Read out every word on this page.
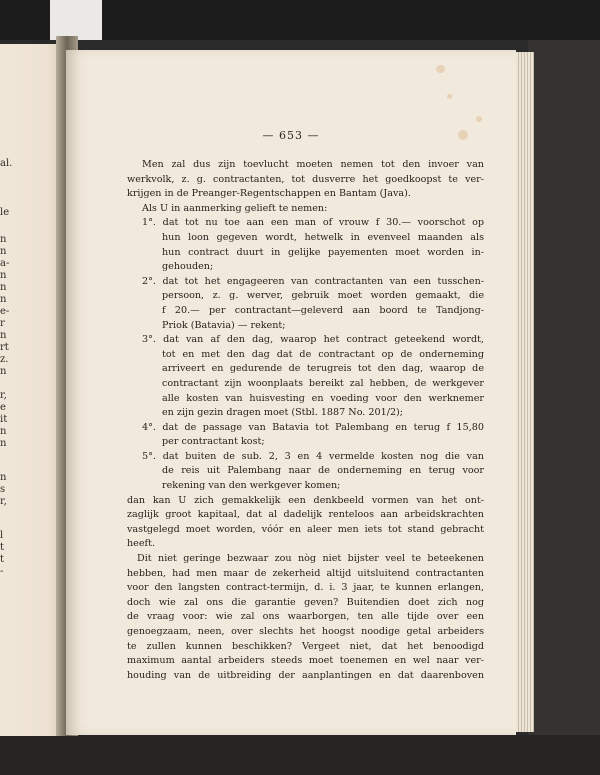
al.
le
n
n
a-
n
n
n
e-
r
n
rt
z.
n
r,
e
it
n
n
n
s
r,
l
t
t
-
— 653 —
Men zal dus zijn toevlucht moeten nemen tot den invoer van
werkvolk, z. g. contractanten, tot dusverre het goedkoopst te ver-
krijgen in de Preanger-Regentschappen en Bantam (Java).
Als U in aanmerking gelieft te nemen:
1°. dat tot nu toe aan een man of vrouw f 30.— voorschot op
hun loon gegeven wordt, hetwelk in evenveel maanden als
hun contract duurt in gelijke payementen moet worden in-
gehouden;
2°. dat tot het engageeren van contractanten van een tusschen-
persoon, z. g. werver, gebruik moet worden gemaakt, die
f 20.— per contractant—geleverd aan boord te Tandjong-
Priok (Batavia) — rekent;
3°. dat van af den dag, waarop het contract geteekend wordt,
tot en met den dag dat de contractant op de onderneming
arriveert en gedurende de terugreis tot den dag, waarop de
contractant zijn woonplaats bereikt zal hebben, de werkgever
alle kosten van huisvesting en voeding voor den werknemer
en zijn gezin dragen moet (Stbl. 1887 No. 201/2);
4°. dat de passage van Batavia tot Palembang en terug f 15,80
per contractant kost;
5°. dat buiten de sub. 2, 3 en 4 vermelde kosten nog die van
de reis uit Palembang naar de onderneming en terug voor
rekening van den werkgever komen;
dan kan U zich gemakkelijk een denkbeeld vormen van het ont-
zaglijk groot kapitaal, dat al dadelijk renteloos aan arbeidskrachten
vastgelegd moet worden, vóór en aleer men iets tot stand gebracht
heeft.
Dit niet geringe bezwaar zou nòg niet bijster veel te beteekenen
hebben, had men maar de zekerheid altijd uitsluitend contractanten
voor den langsten contract-termijn, d. i. 3 jaar, te kunnen erlangen,
doch wie zal ons die garantie geven? Buitendien doet zich nog
de vraag voor: wie zal ons waarborgen, ten alle tijde over een
genoegzaam, neen, over slechts het hoogst noodige getal arbeiders
te zullen kunnen beschikken? Vergeet niet, dat het benoodigd
maximum aantal arbeiders steeds moet toenemen en wel naar ver-
houding van de uitbreiding der aanplantingen en dat daarenboven
